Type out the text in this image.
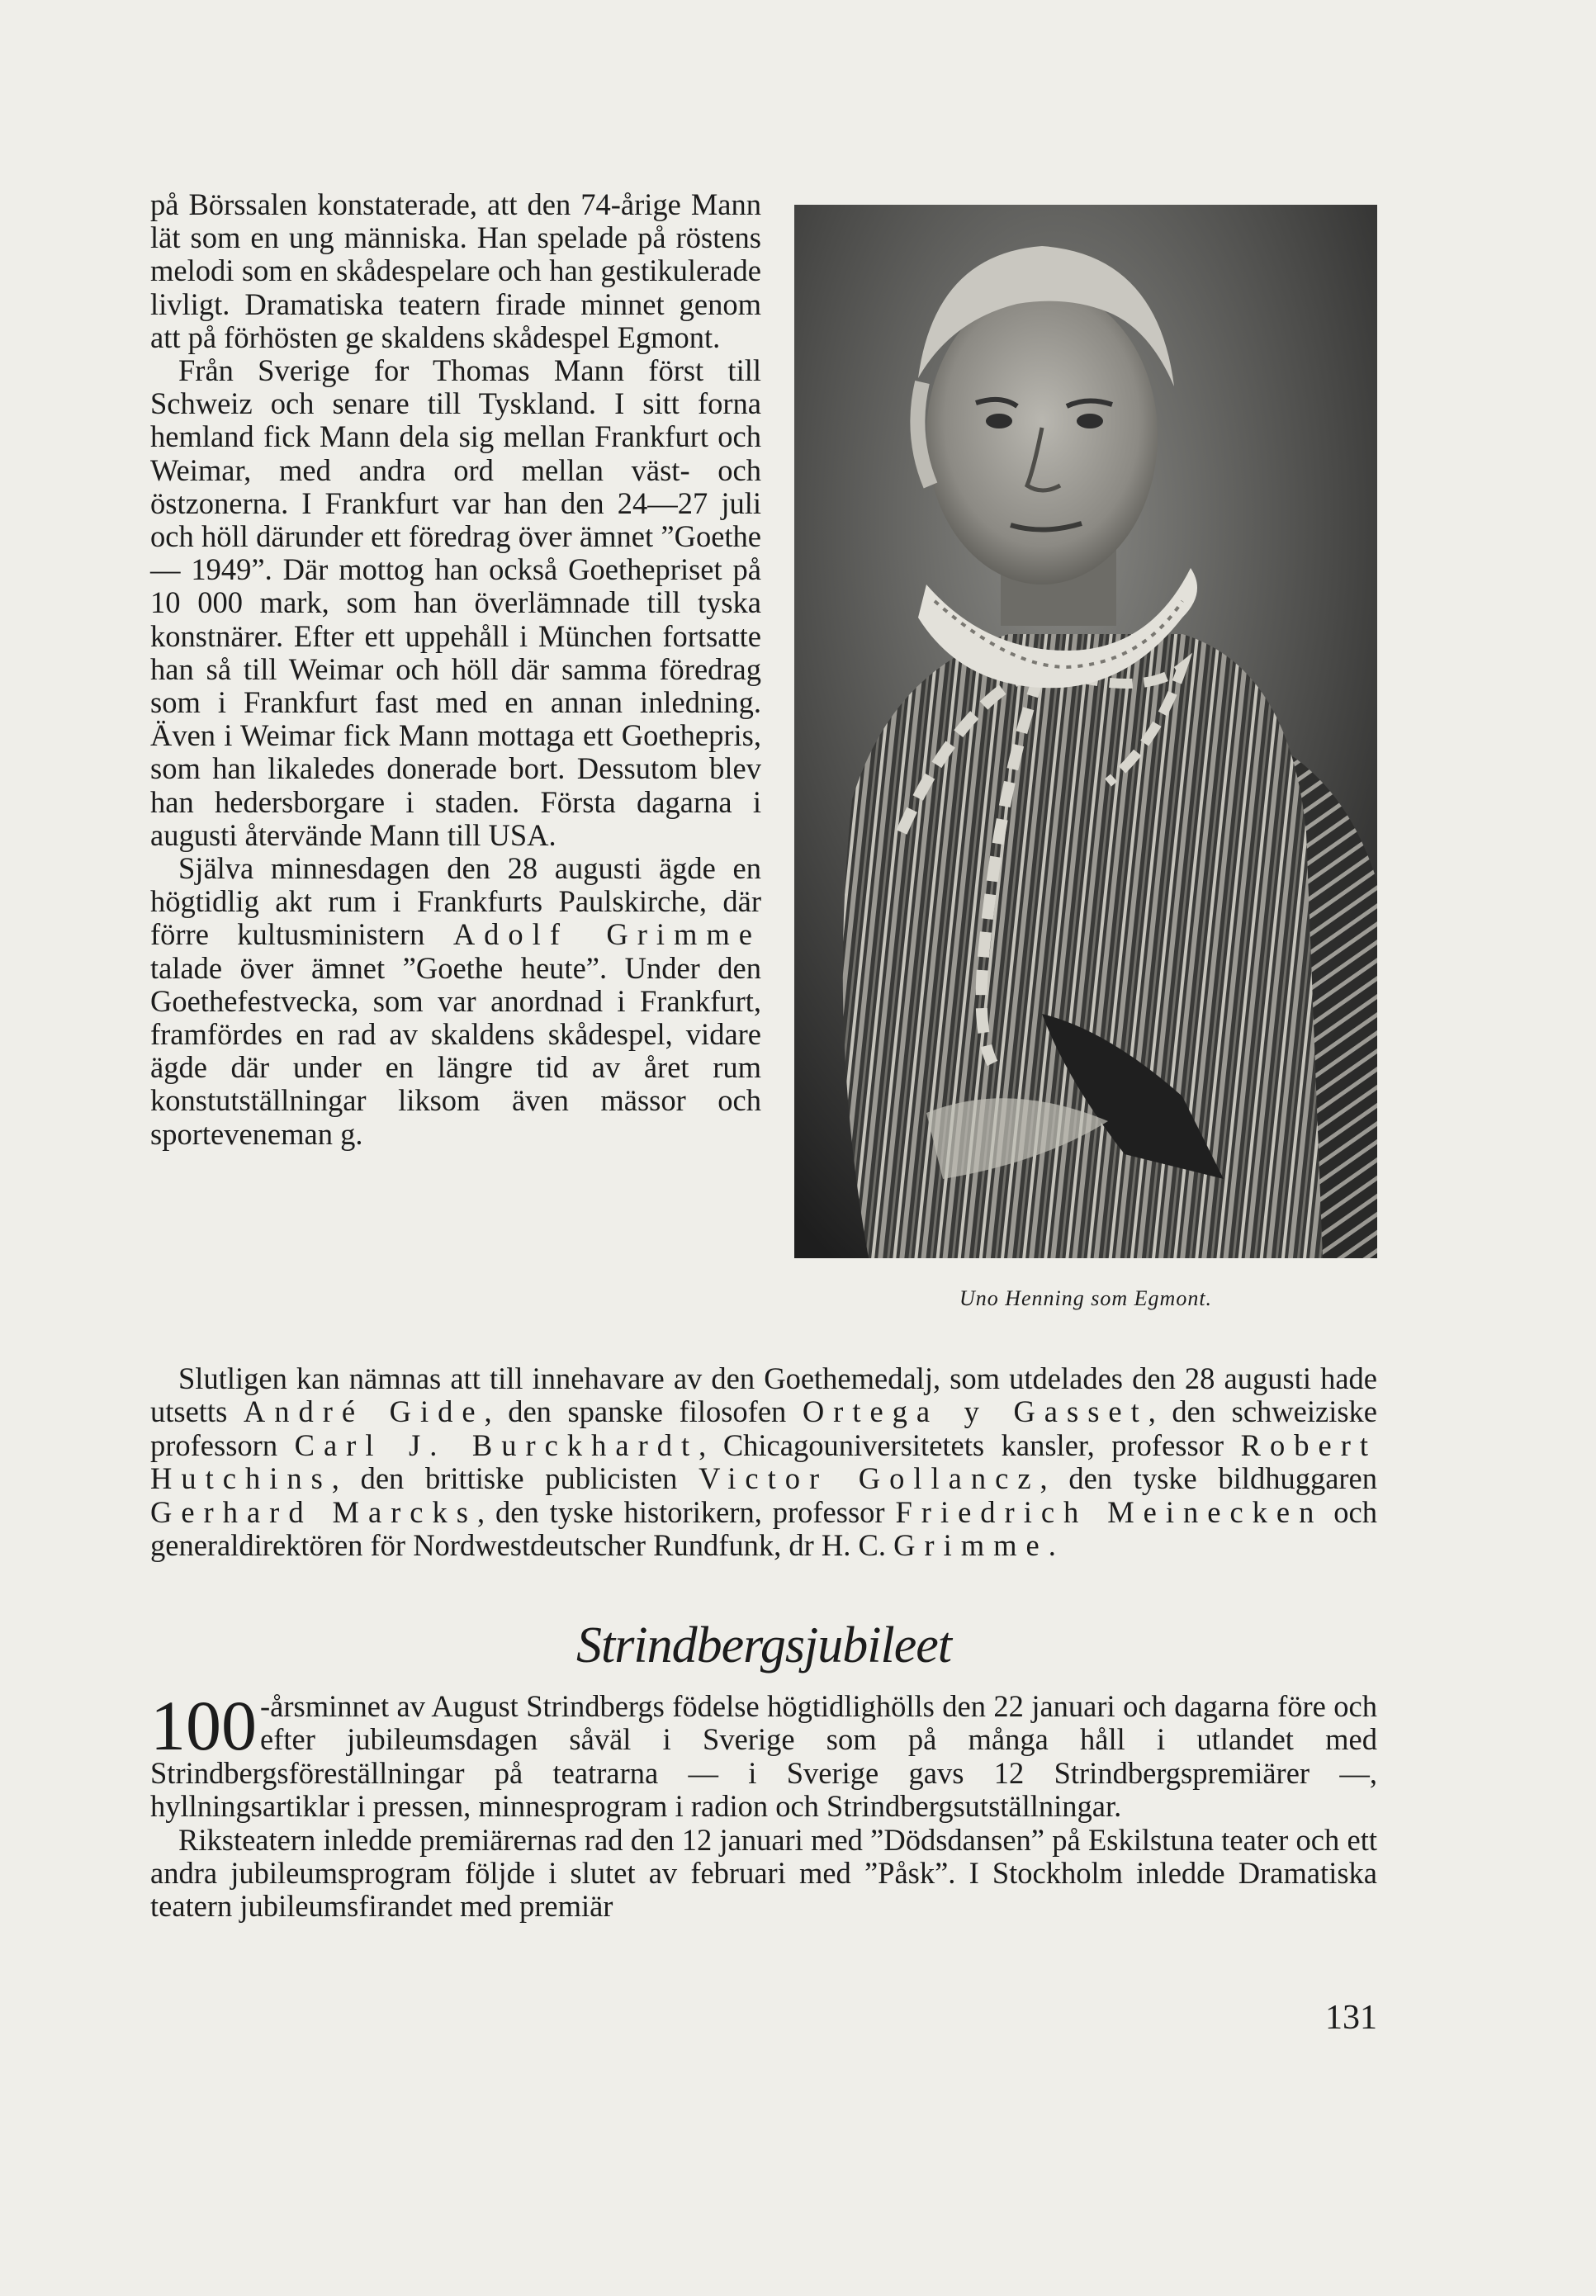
på Börssalen konstaterade, att den 74-årige Mann lät som en ung människa. Han spelade på röstens melodi som en skådespelare och han gestikulerade livligt. Dramatiska teatern firade minnet genom att på förhösten ge skaldens skådespel Egmont.

Från Sverige for Thomas Mann först till Schweiz och senare till Tyskland. I sitt forna hemland fick Mann dela sig mellan Frankfurt och Weimar, med andra ord mellan väst- och östzonerna. I Frankfurt var han den 24—27 juli och höll därunder ett föredrag över ämnet ”Goethe — 1949”. Där mottog han också Goethepriset på 10 000 mark, som han överlämnade till tyska konstnärer. Efter ett uppehåll i München fortsatte han så till Weimar och höll där samma föredrag som i Frankfurt fast med en annan inledning. Även i Weimar fick Mann mottaga ett Goethepris, som han likaledes donerade bort. Dessutom blev han hedersborgare i staden. Första dagarna i augusti återvände Mann till USA.

Själva minnesdagen den 28 augusti ägde en högtidlig akt rum i Frankfurts Paulskirche, där förre kultusministern Adolf Grimme talade över ämnet ”Goethe heute”. Under den Goethefestvecka, som var anordnad i Frankfurt, framfördes en rad av skaldens skådespel, vidare ägde där under en längre tid av året rum konstutställningar liksom även mässor och sporteveneman g.

Uno Henning som Egmont.

Slutligen kan nämnas att till innehavare av den Goethemedalj, som utdelades den 28 augusti hade utsetts André Gide, den spanske filosofen Ortega y Gasset, den schweiziske professorn Carl J. Burckhardt, Chicagouniversitetets kansler, professor Robert Hutchins, den brittiske publicisten Victor Gollancz, den tyske bildhuggaren Gerhard Marcks, den tyske historikern, professor Friedrich Meinecken och generaldirektören för Nordwestdeutscher Rundfunk, dr H. C. Grimme.

Strindbergsjubileet

100 -årsminnet av August Strindbergs födelse högtidlighölls den 22 januari och dagarna före och efter jubileumsdagen såväl i Sverige som på många håll i utlandet med Strindbergsföreställningar på teatrarna — i Sverige gavs 12 Strindbergspremiärer —, hyllningsartiklar i pressen, minnesprogram i radion och Strindbergsutställningar.

Riksteatern inledde premiärernas rad den 12 januari med ”Dödsdansen” på Eskilstuna teater och ett andra jubileumsprogram följde i slutet av februari med ”Påsk”. I Stockholm inledde Dramatiska teatern jubileumsfirandet med premiär

131
